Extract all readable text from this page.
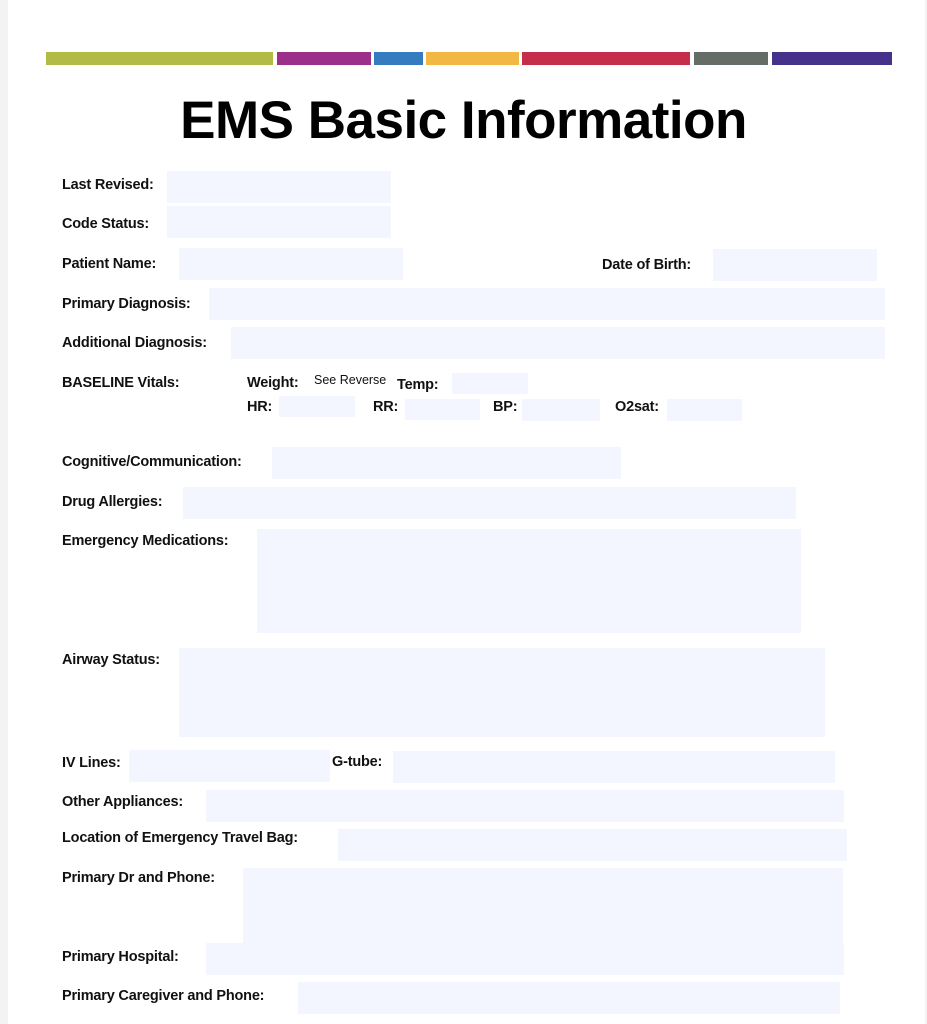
EMS Basic Information
Last Revised:
Code Status:
Patient Name:	Date of Birth:
Primary Diagnosis:
Additional Diagnosis:
BASELINE Vitals:	Weight: See Reverse Temp:
HR:	RR:	BP:	O2sat:
Cognitive/Communication:
Drug Allergies:
Emergency Medications:
Airway Status:
IV Lines:	G-tube:
Other Appliances:
Location of Emergency Travel Bag:
Primary Dr and Phone:
Primary Hospital:
Primary Caregiver and Phone:
